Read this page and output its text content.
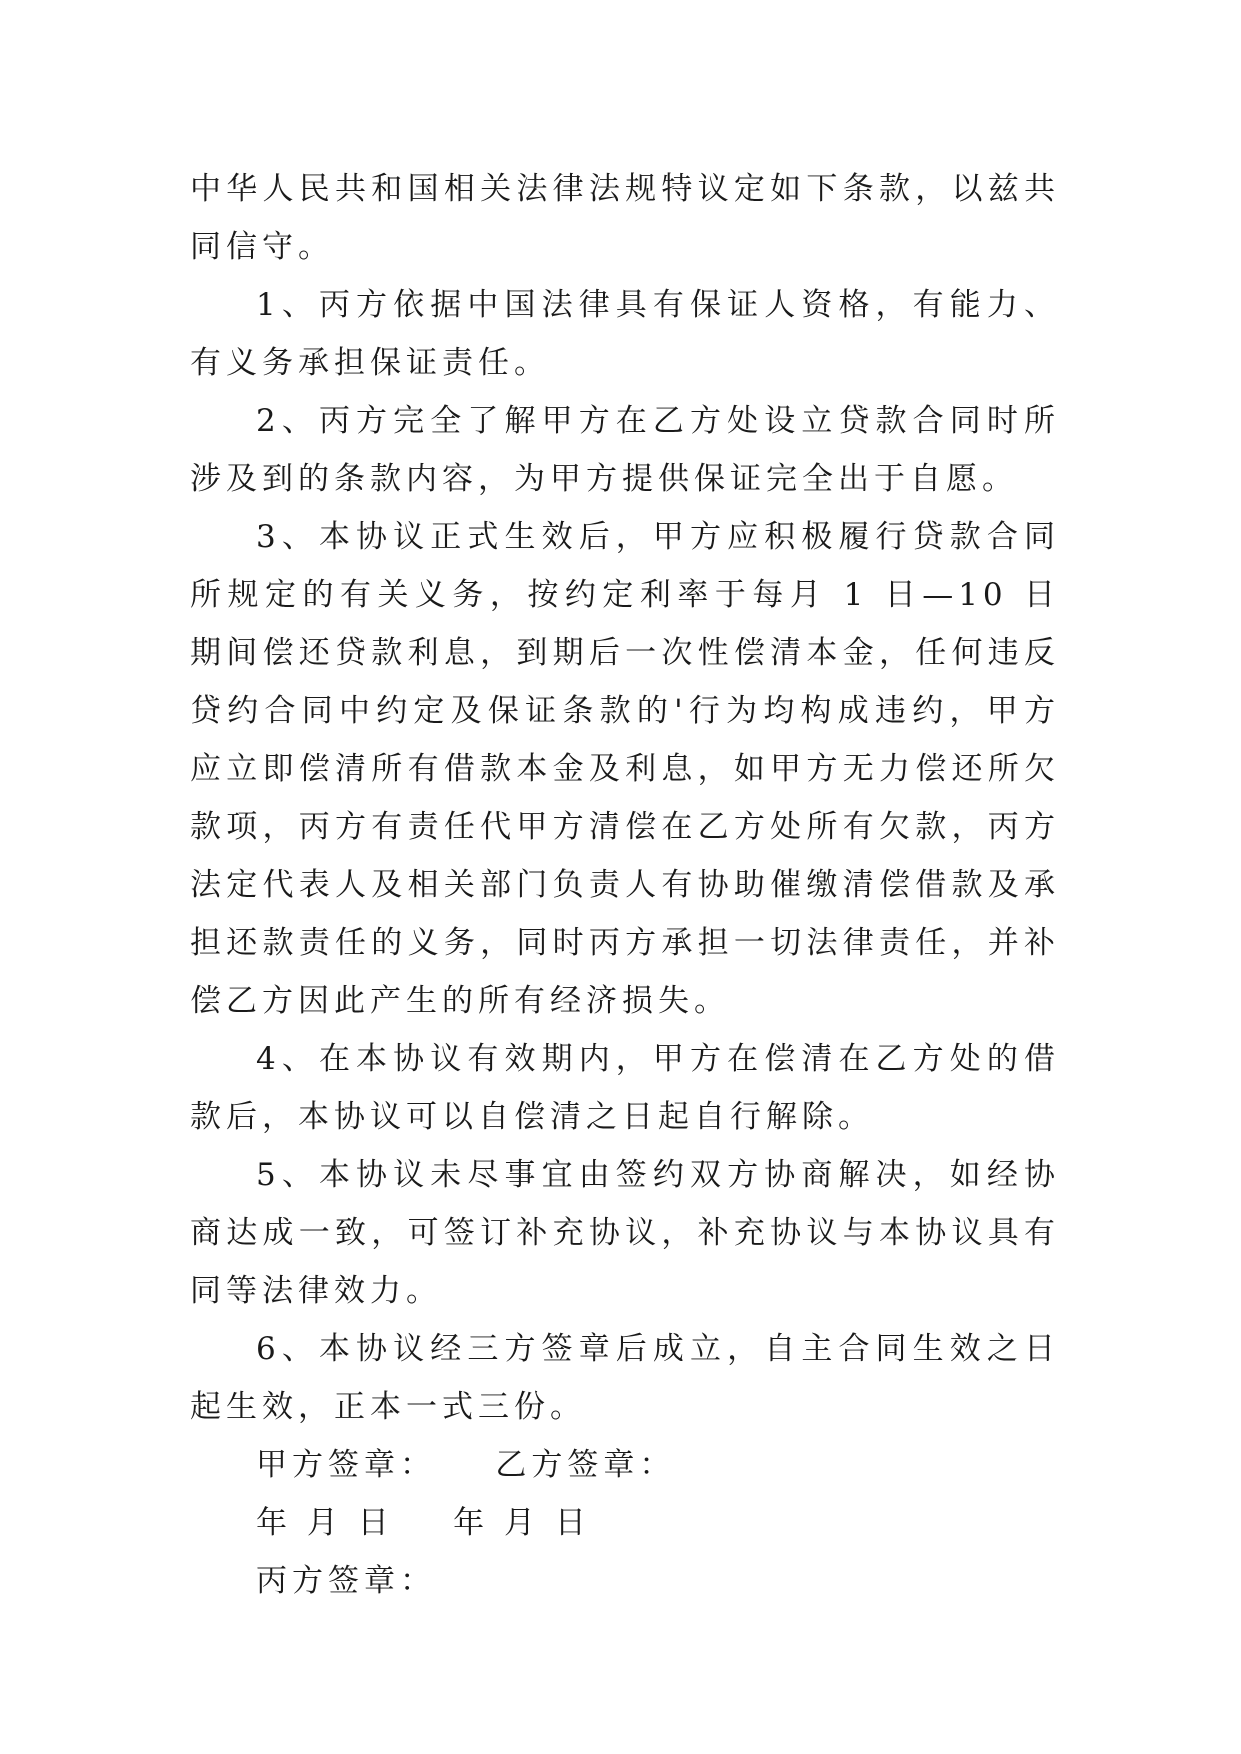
中华人民共和国相关法律法规特议定如下条款，以兹共同信守。

1、丙方依据中国法律具有保证人资格，有能力、有义务承担保证责任。

2、丙方完全了解甲方在乙方处设立贷款合同时所涉及到的条款内容，为甲方提供保证完全出于自愿。

3、本协议正式生效后，甲方应积极履行贷款合同所规定的有关义务，按约定利率于每月 1 日—10 日期间偿还贷款利息，到期后一次性偿清本金，任何违反贷约合同中约定及保证条款的'行为均构成违约，甲方应立即偿清所有借款本金及利息，如甲方无力偿还所欠款项，丙方有责任代甲方清偿在乙方处所有欠款，丙方法定代表人及相关部门负责人有协助催缴清偿借款及承担还款责任的义务，同时丙方承担一切法律责任，并补偿乙方因此产生的所有经济损失。

4、在本协议有效期内，甲方在偿清在乙方处的借款后，本协议可以自偿清之日起自行解除。

5、本协议未尽事宜由签约双方协商解决，如经协商达成一致，可签订补充协议，补充协议与本协议具有同等法律效力。

6、本协议经三方签章后成立，自主合同生效之日起生效，正本一式三份。

甲方签章：    乙方签章：

年 月 日    年 月 日

丙方签章：
